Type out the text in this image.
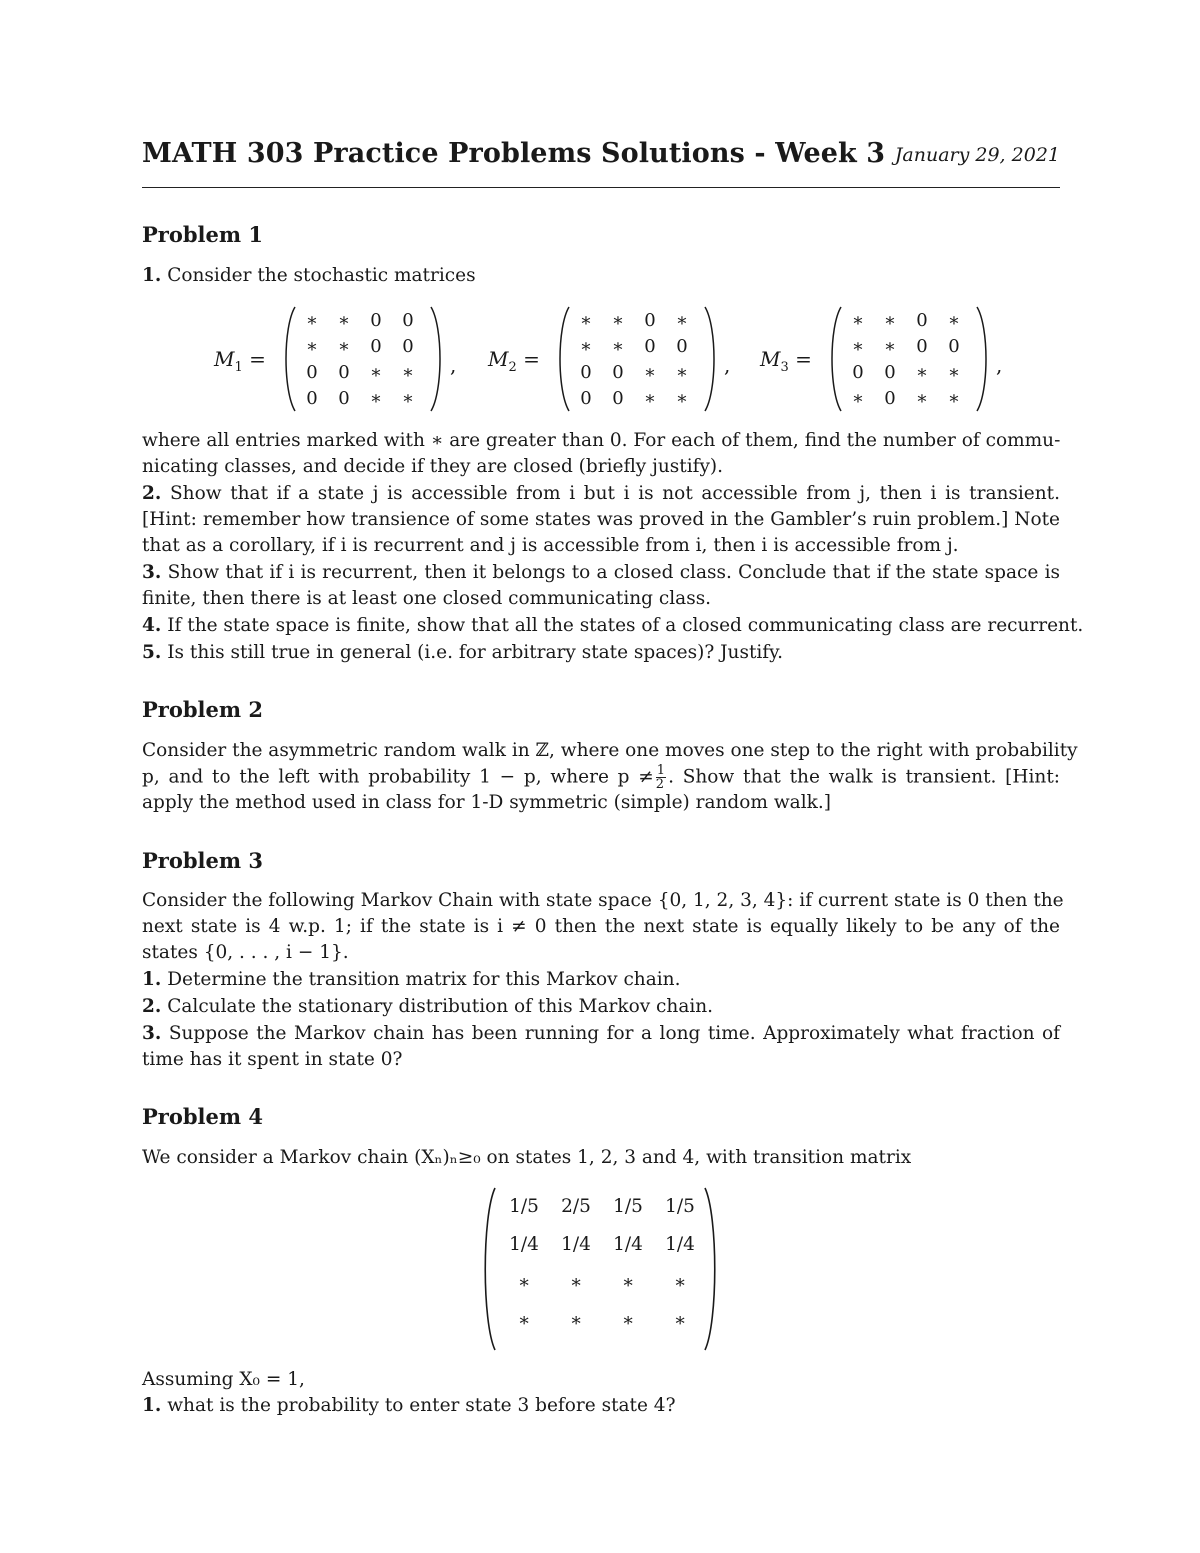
MATH 303 Practice Problems Solutions - Week 3 January 29, 2021
Problem 1
1. Consider the stochastic matrices
$M_1$ =
∗	∗	0	0
∗	∗	0	0
0	0	∗	∗
0	0	∗	∗
, $M_2$ =
∗	∗	0	∗
∗	∗	0	0
0	0	∗	∗
0	0	∗	∗
, $M_3$ =
∗	∗	0	∗
∗	∗	0	0
0	0	∗	∗
∗	0	∗	∗
,
where all entries marked with ∗ are greater than 0. For each of them, find the number of commu-
nicating classes, and decide if they are closed (briefly justify).
2. Show that if a state j is accessible from i but i is not accessible from j, then i is transient.
[Hint: remember how transience of some states was proved in the Gambler’s ruin problem.] Note
that as a corollary, if i is recurrent and j is accessible from i, then i is accessible from j.
3. Show that if i is recurrent, then it belongs to a closed class. Conclude that if the state space is
finite, then there is at least one closed communicating class.
4. If the state space is finite, show that all the states of a closed communicating class are recurrent.
5. Is this still true in general (i.e. for arbitrary state spaces)? Justify.
Problem 2
Consider the asymmetric random walk in ℤ, where one moves one step to the right with probability
p, and to the left with probability 1 − p, where $p \ne \frac{1}{2}$ . Show that the walk is transient. [Hint:
apply the method used in class for 1-D symmetric (simple) random walk.]
Problem 3
Consider the following Markov Chain with state space {0, 1, 2, 3, 4}: if current state is 0 then the
next state is 4 w.p. 1; if the state is i ≠ 0 then the next state is equally likely to be any of the
states {0, . . . , i − 1}.
1. Determine the transition matrix for this Markov chain.
2. Calculate the stationary distribution of this Markov chain.
3. Suppose the Markov chain has been running for a long time. Approximately what fraction of
time has it spent in state 0?
Problem 4
We consider a Markov chain (Xₙ)ₙ≥₀ on states 1, 2, 3 and 4, with transition matrix
1/5	2/5	1/5	1/5
1/4	1/4	1/4	1/4
∗	∗	∗	∗
∗	∗	∗	∗
Assuming X₀ = 1,
1. what is the probability to enter state 3 before state 4?
